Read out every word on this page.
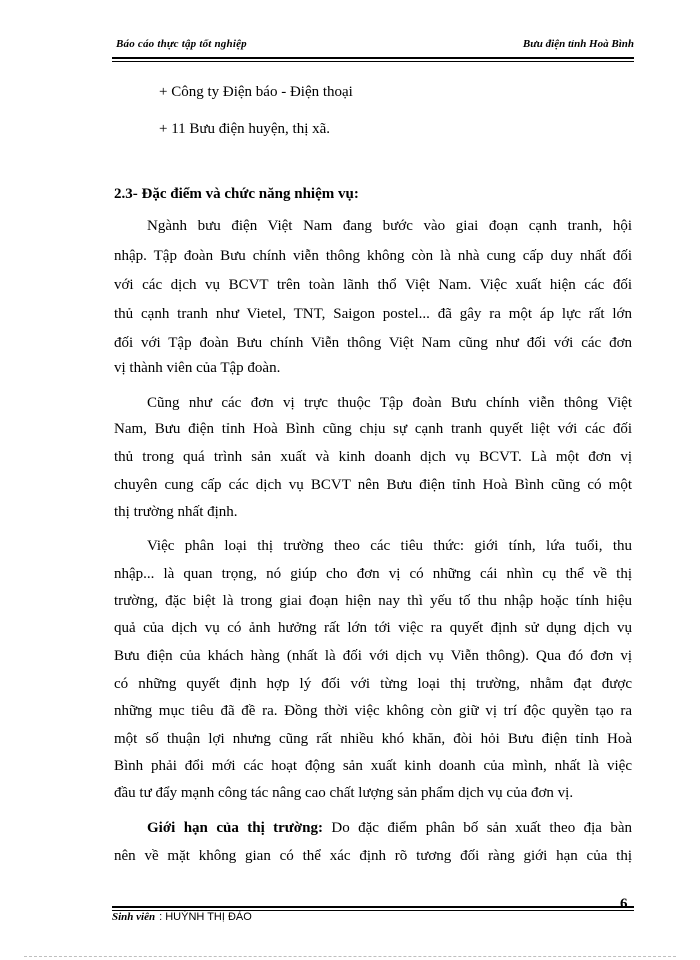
Báo cáo thực tập tốt nghiệp	Bưu điện tỉnh Hoà Bình
+ Công ty Điện báo - Điện thoại
+ 11 Bưu điện huyện, thị xã.
2.3- Đặc điểm và chức năng nhiệm vụ:
Ngành bưu điện Việt Nam đang bước vào giai đoạn cạnh tranh, hội
nhập. Tập đoàn Bưu chính viễn thông không còn là nhà cung cấp duy nhất đối
với các dịch vụ BCVT trên toàn lãnh thổ Việt Nam. Việc xuất hiện các đối
thủ cạnh tranh như Vietel, TNT, Saigon postel... đã gây ra một áp lực rất lớn
đối với Tập đoàn Bưu chính Viễn thông Việt Nam cũng như đối với các đơn
vị thành viên của Tập đoàn.
Cũng như các đơn vị trực thuộc Tập đoàn Bưu chính viễn thông Việt
Nam, Bưu điện tỉnh Hoà Bình cũng chịu sự cạnh tranh quyết liệt với các đối
thủ trong quá trình sản xuất và kinh doanh dịch vụ BCVT. Là một đơn vị
chuyên cung cấp các dịch vụ BCVT nên Bưu điện tỉnh Hoà Bình cũng có một
thị trường nhất định.
Việc phân loại thị trường theo các tiêu thức: giới tính, lứa tuổi, thu
nhập... là quan trọng, nó giúp cho đơn vị có những cái nhìn cụ thể về thị
trường, đặc biệt là trong giai đoạn hiện nay thì yếu tố thu nhập hoặc tính hiệu
quả của dịch vụ có ảnh hưởng rất lớn tới việc ra quyết định sử dụng dịch vụ
Bưu điện của khách hàng (nhất là đối với dịch vụ Viễn thông). Qua đó đơn vị
có những quyết định hợp lý đối với từng loại thị trường, nhằm đạt được
những mục tiêu đã đề ra. Đồng thời việc không còn giữ vị trí độc quyền tạo ra
một số thuận lợi nhưng cũng rất nhiều khó khăn, đòi hỏi Bưu điện tỉnh Hoà
Bình phải đổi mới các hoạt động sản xuất kinh doanh của mình, nhất là việc
đầu tư đẩy mạnh công tác nâng cao chất lượng sản phẩm dịch vụ của đơn vị.
Giới hạn của thị trường: Do đặc điểm phân bố sản xuất theo địa bàn
nên về mặt không gian có thể xác định rõ tương đối ràng giới hạn của thị
6
Sinh viên : HUỲNH THỊ ĐÀO
